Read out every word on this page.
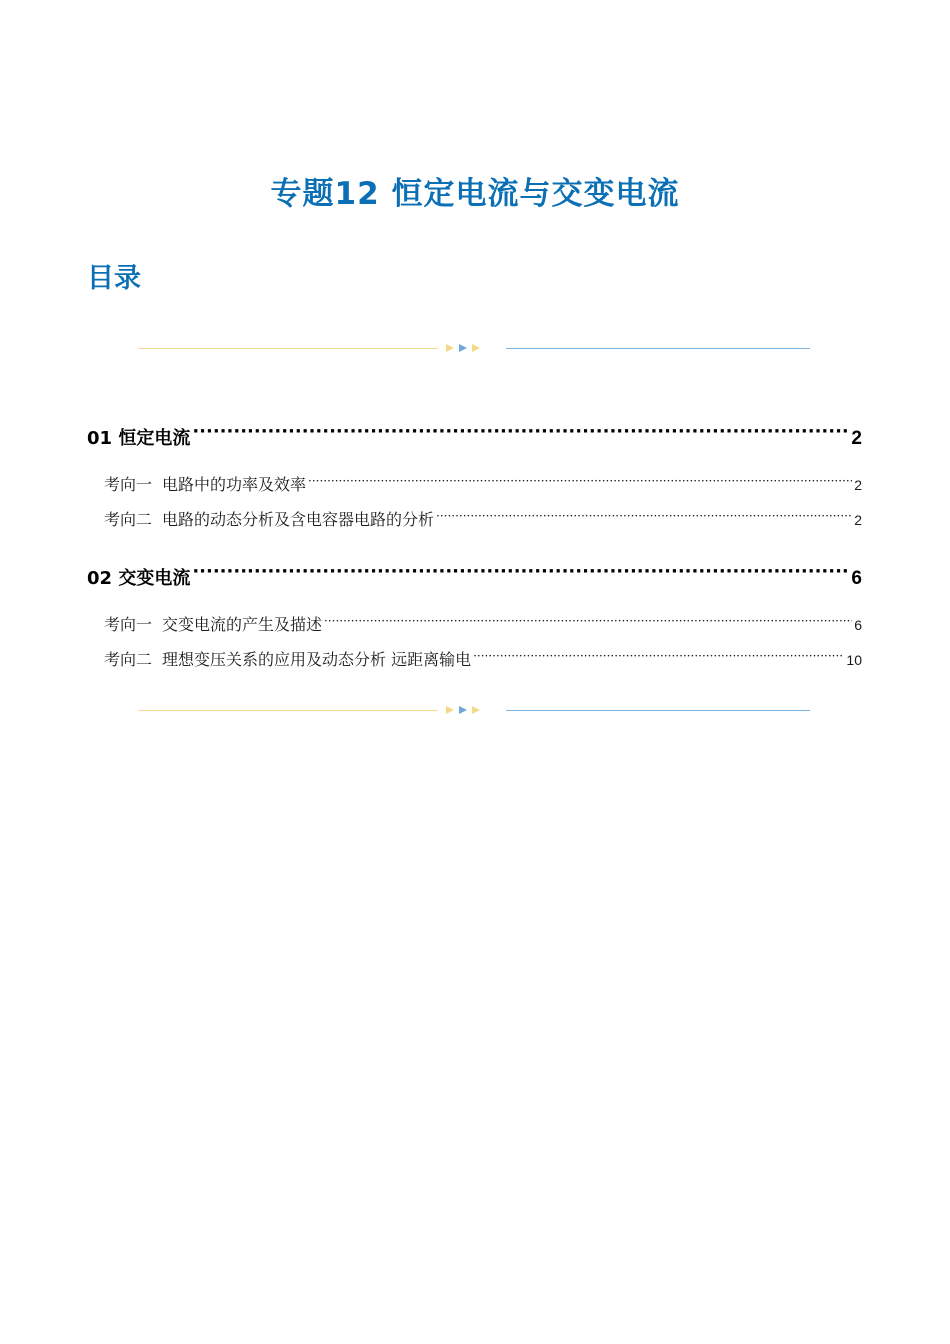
专题12 恒定电流与交变电流
目录
01 恒定电流 ·····	2
考向一 电路中的功率及效率 ·····	2
考向二 电路的动态分析及含电容器电路的分析 ·····	2
02 交变电流 ·····	6
考向一 交变电流的产生及描述 ·····	6
考向二 理想变压关系的应用及动态分析 远距离输电 ·····	10
